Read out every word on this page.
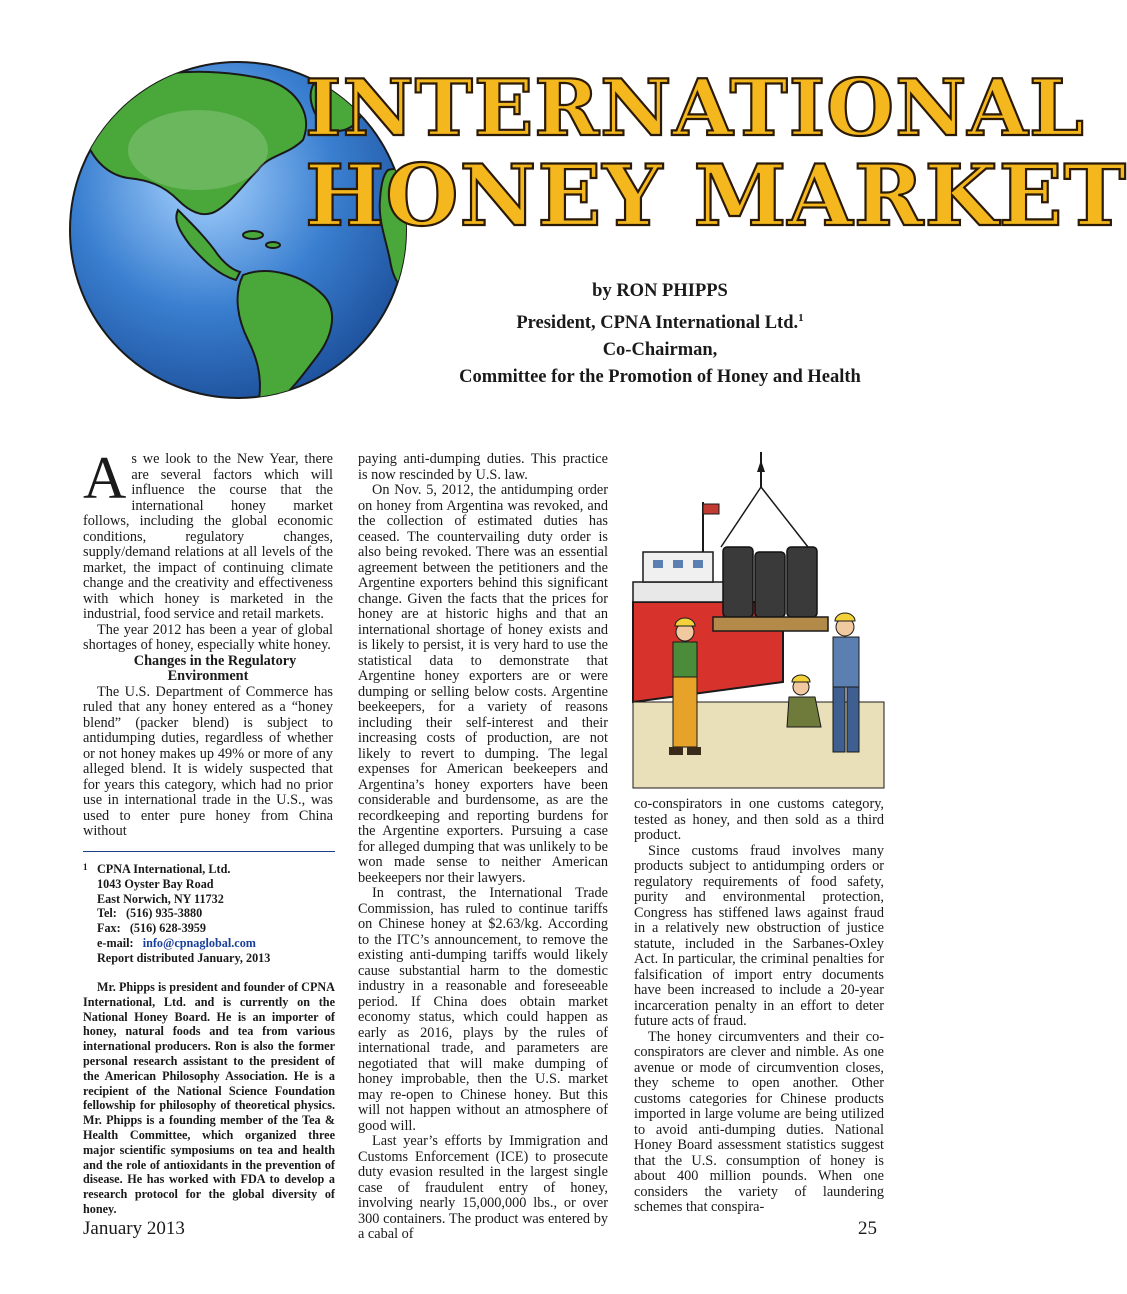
INTERNATIONAL
HONEY MARKET
by RON PHIPPS
President, CPNA International Ltd.$^1$
Co-Chairman,
Committee for the Promotion of Honey and Health

As we look to the New Year, there are several factors which will influence the course that the international honey market follows, including the global economic conditions, regulatory changes, supply/demand relations at all levels of the market, the impact of continuing climate change and the creativity and effectiveness with which honey is marketed in the industrial, food service and retail markets.

The year 2012 has been a year of global shortages of honey, especially white honey.

Changes in the Regulatory Environment

The U.S. Department of Commerce has ruled that any honey entered as a “honey blend” (packer blend) is subject to antidumping duties, regardless of whether or not honey makes up 49% or more of any alleged blend. It is widely suspected that for years this category, which had no prior use in international trade in the U.S., was used to enter pure honey from China without

1 CPNA International, Ltd.
1043 Oyster Bay Road
East Norwich, NY 11732
Tel:   (516) 935-3880
Fax:   (516) 628-3959
e-mail: info@cpnaglobal.com
Report distributed January, 2013

Mr. Phipps is president and founder of CPNA International, Ltd. and is currently on the National Honey Board. He is an importer of honey, natural foods and tea from various international producers. Ron is also the former personal research assistant to the president of the American Philosophy Association. He is a recipient of the National Science Foundation fellowship for philosophy of theoretical physics. Mr. Phipps is a founding member of the Tea & Health Committee, which organized three major scientific symposiums on tea and health and the role of antioxidants in the prevention of disease. He has worked with FDA to develop a research protocol for the global diversity of honey.

paying anti-dumping duties. This practice is now rescinded by U.S. law.

On Nov. 5, 2012, the antidumping order on honey from Argentina was revoked, and the collection of estimated duties has ceased. The countervailing duty order is also being revoked. There was an essential agreement between the petitioners and the Argentine exporters behind this significant change. Given the facts that the prices for honey are at historic highs and that an international shortage of honey exists and is likely to persist, it is very hard to use the statistical data to demonstrate that Argentine honey exporters are or were dumping or selling below costs. Argentine beekeepers, for a variety of reasons including their self-interest and their increasing costs of production, are not likely to revert to dumping. The legal expenses for American beekeepers and Argentina’s honey exporters have been considerable and burdensome, as are the recordkeeping and reporting burdens for the Argentine exporters. Pursuing a case for alleged dumping that was unlikely to be won made sense to neither American beekeepers nor their lawyers.

In contrast, the International Trade Commission, has ruled to continue tariffs on Chinese honey at $2.63/kg. According to the ITC’s announcement, to remove the existing anti-dumping tariffs would likely cause substantial harm to the domestic industry in a reasonable and foreseeable period. If China does obtain market economy status, which could happen as early as 2016, plays by the rules of international trade, and parameters are negotiated that will make dumping of honey improbable, then the U.S. market may re-open to Chinese honey. But this will not happen without an atmosphere of good will.

Last year’s efforts by Immigration and Customs Enforcement (ICE) to prosecute duty evasion resulted in the largest single case of fraudulent entry of honey, involving nearly 15,000,000 lbs., or over 300 containers. The product was entered by a cabal of

co-conspirators in one customs category, tested as honey, and then sold as a third product.

Since customs fraud involves many products subject to antidumping orders or regulatory requirements of food safety, purity and environmental protection, Congress has stiffened laws against fraud in a relatively new obstruction of justice statute, included in the Sarbanes-Oxley Act. In particular, the criminal penalties for falsification of import entry documents have been increased to include a 20-year incarceration penalty in an effort to deter future acts of fraud.

The honey circumventers and their co-conspirators are clever and nimble. As one avenue or mode of circumvention closes, they scheme to open another. Other customs categories for Chinese products imported in large volume are being utilized to avoid anti-dumping duties. National Honey Board assessment statistics suggest that the U.S. consumption of honey is about 400 million pounds. When one considers the variety of laundering schemes that conspira-

January 2013	25
